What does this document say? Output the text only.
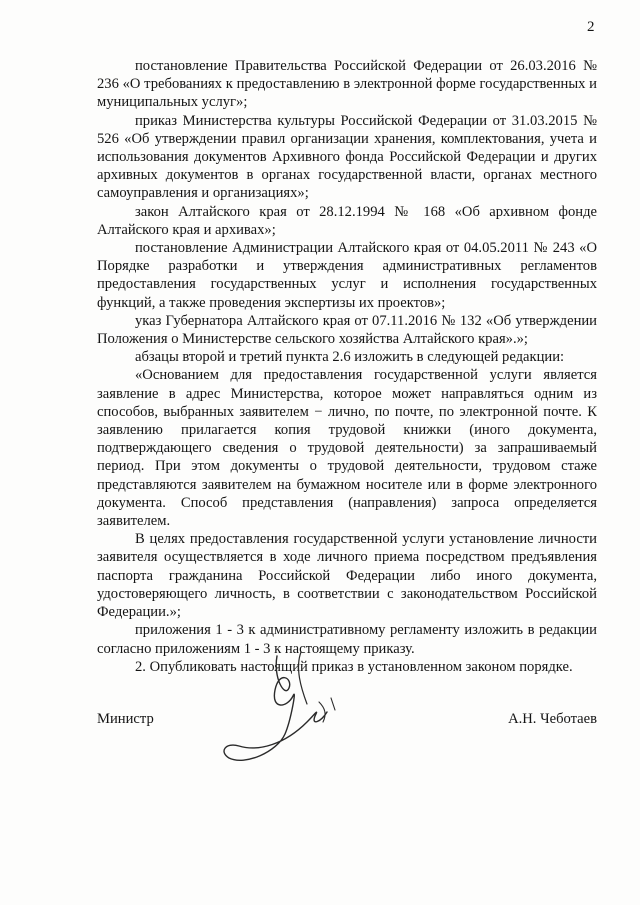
2

постановление Правительства Российской Федерации от 26.03.2016 № 236 «О требованиях к предоставлению в электронной форме государственных и муниципальных услуг»;

приказ Министерства культуры Российской Федерации от 31.03.2015 № 526 «Об утверждении правил организации хранения, комплектования, учета и использования документов Архивного фонда Российской Федерации и других архивных документов в органах государственной власти, органах местного самоуправления и организациях»;

закон Алтайского края от 28.12.1994 № 168 «Об архивном фонде Алтайского края и архивах»;

постановление Администрации Алтайского края от 04.05.2011 № 243 «О Порядке разработки и утверждения административных регламентов предоставления государственных услуг и исполнения государственных функций, а также проведения экспертизы их проектов»;

указ Губернатора Алтайского края от 07.11.2016 № 132 «Об утверждении Положения о Министерстве сельского хозяйства Алтайского края».»;

абзацы второй и третий пункта 2.6 изложить в следующей редакции:

«Основанием для предоставления государственной услуги является заявление в адрес Министерства, которое может направляться одним из способов, выбранных заявителем − лично, по почте, по электронной почте. К заявлению прилагается копия трудовой книжки (иного документа, подтверждающего сведения о трудовой деятельности) за запрашиваемый период. При этом документы о трудовой деятельности, трудовом стаже представляются заявителем на бумажном носителе или в форме электронного документа. Способ представления (направления) запроса определяется заявителем.

В целях предоставления государственной услуги установление личности заявителя осуществляется в ходе личного приема посредством предъявления паспорта гражданина Российской Федерации либо иного документа, удостоверяющего личность, в соответствии с законодательством Российской Федерации.»;

приложения 1 - 3 к административному регламенту изложить в редакции согласно приложениям 1 - 3 к настоящему приказу.

2. Опубликовать настоящий приказ в установленном законом порядке.

Министр	А.Н. Чеботаев
